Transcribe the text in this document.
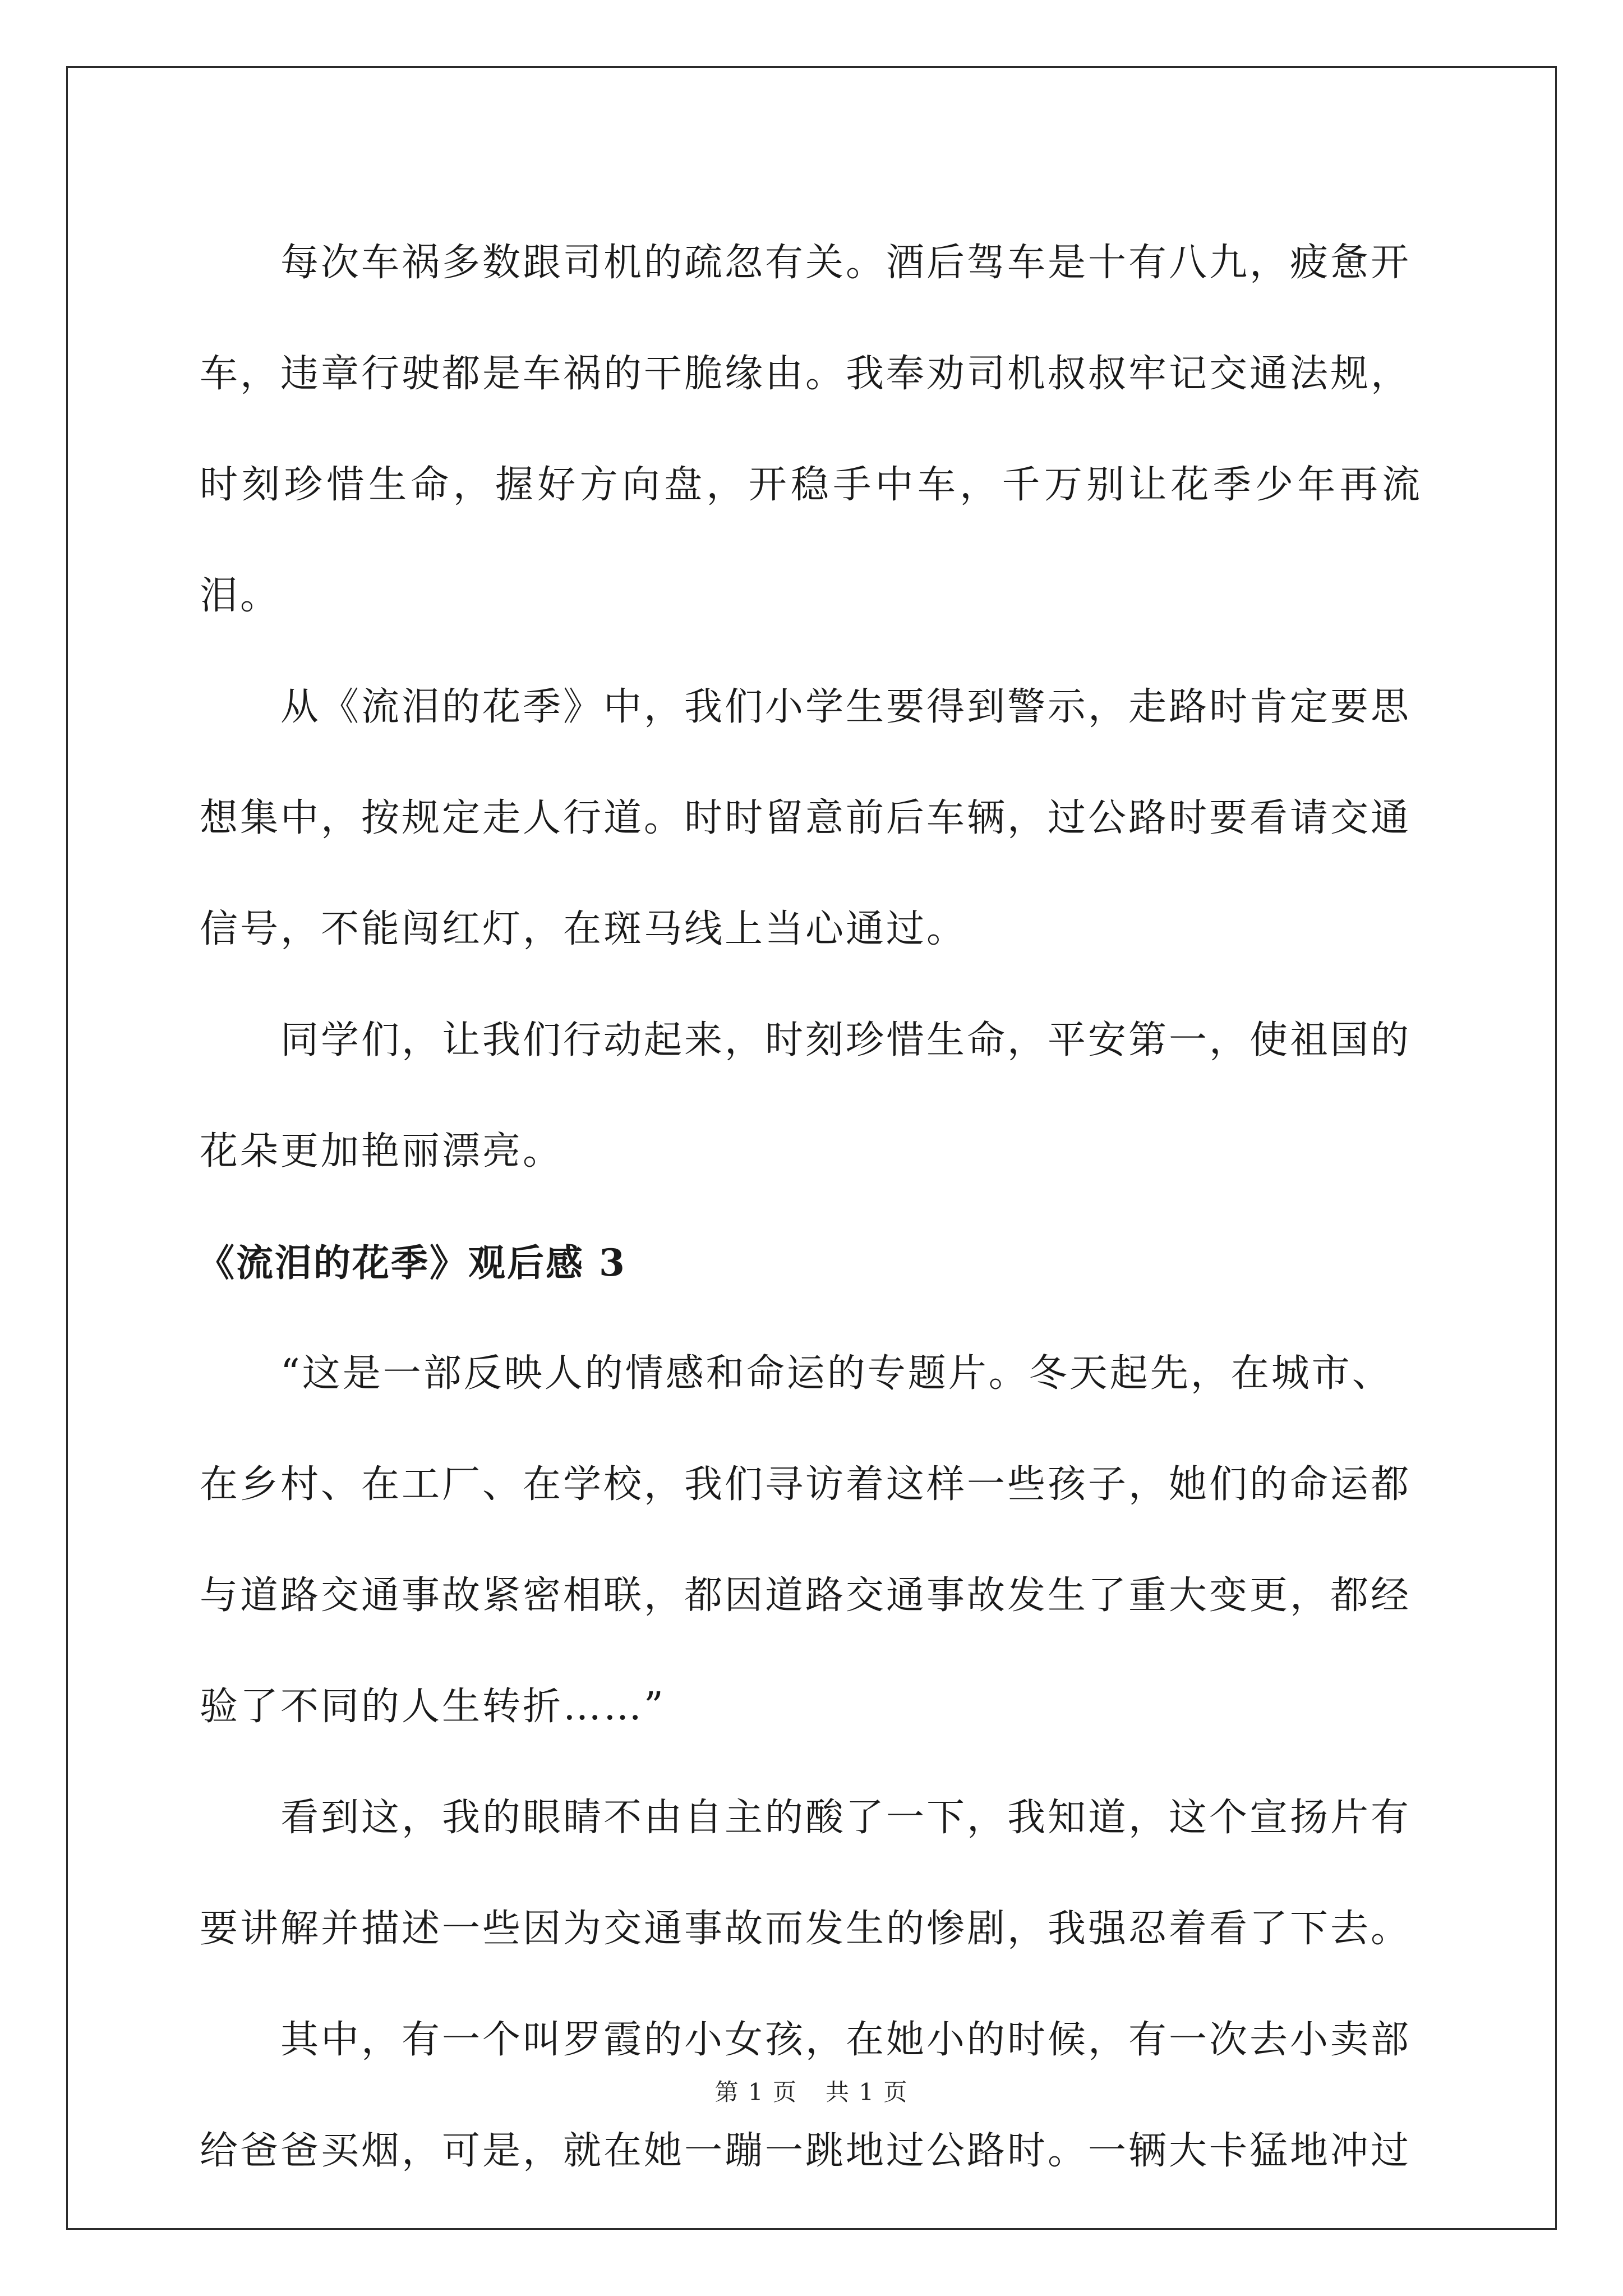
每次车祸多数跟司机的疏忽有关。酒后驾车是十有八九，疲惫开
车，违章行驶都是车祸的干脆缘由。我奉劝司机叔叔牢记交通法规，
时刻珍惜生命，握好方向盘，开稳手中车，千万别让花季少年再流泪。

从《流泪的花季》中，我们小学生要得到警示，走路时肯定要思
想集中，按规定走人行道。时时留意前后车辆，过公路时要看请交通
信号，不能闯红灯，在斑马线上当心通过。

同学们，让我们行动起来，时刻珍惜生命，平安第一，使祖国的
花朵更加艳丽漂亮。

《流泪的花季》观后感 3

“这是一部反映人的情感和命运的专题片。冬天起先，在城市、
在乡村、在工厂、在学校，我们寻访着这样一些孩子，她们的命运都
与道路交通事故紧密相联，都因道路交通事故发生了重大变更，都经
验了不同的人生转折……”

看到这，我的眼睛不由自主的酸了一下，我知道，这个宣扬片有
要讲解并描述一些因为交通事故而发生的惨剧，我强忍着看了下去。

其中，有一个叫罗霞的小女孩，在她小的时候，有一次去小卖部
给爸爸买烟，可是，就在她一蹦一跳地过公路时。一辆大卡猛地冲过

第 1 页 共 1 页
